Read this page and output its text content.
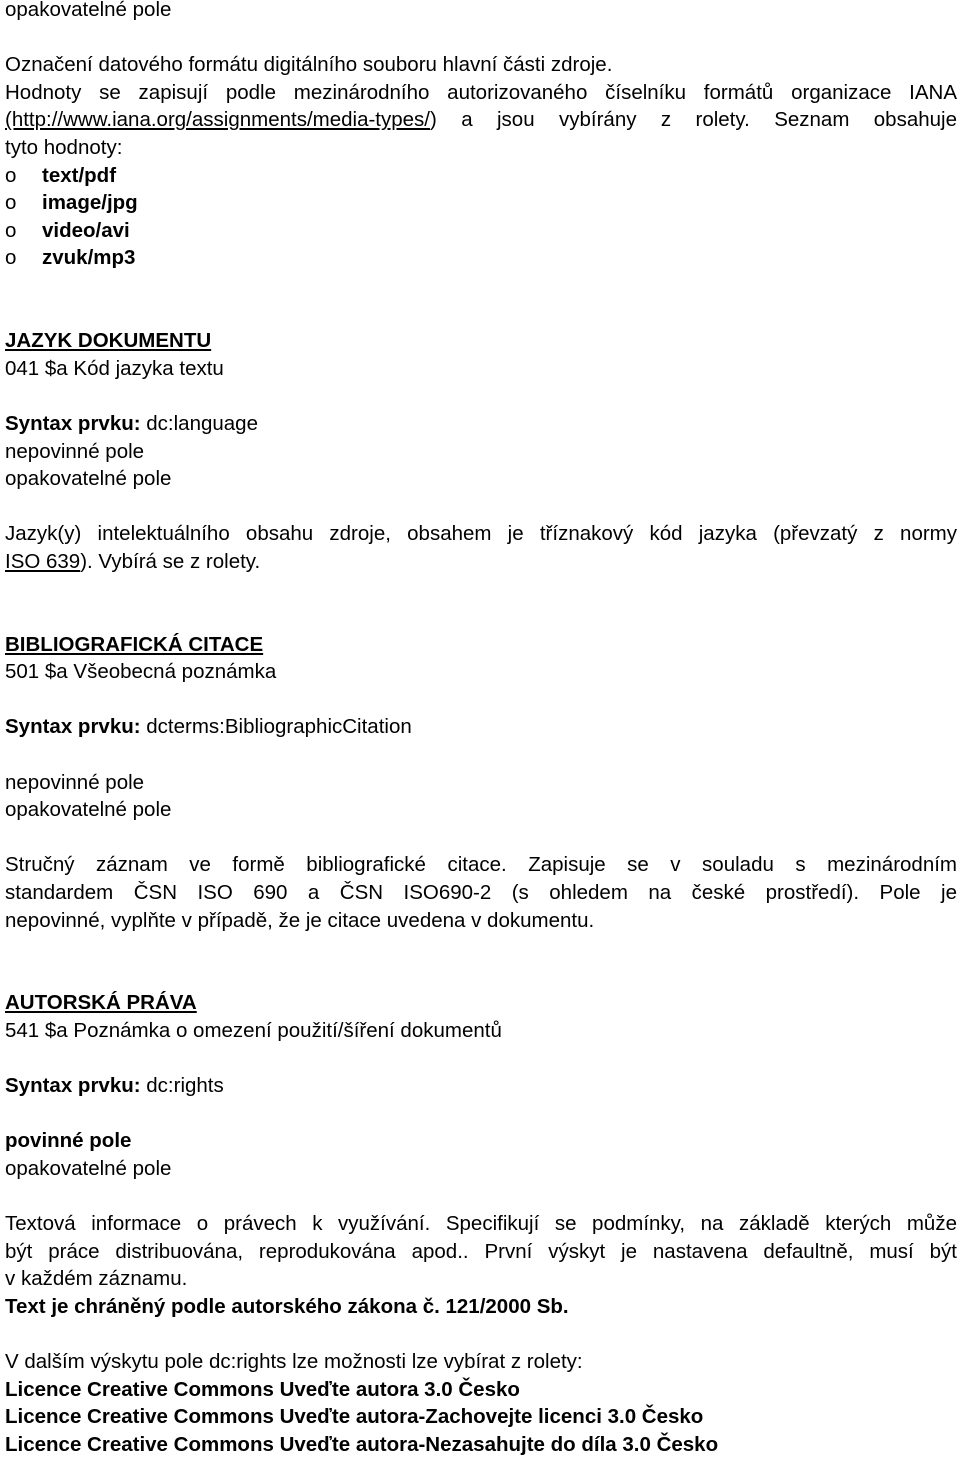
opakovatelné pole
Označení datového formátu digitálního souboru hlavní části zdroje.
Hodnoty se zapisují podle mezinárodního autorizovaného číselníku formátů organizace IANA
(http://www.iana.org/assignments/media-types/) a jsou vybírány z rolety. Seznam obsahuje
tyto hodnoty:
o	text/pdf
o	image/jpg
o	video/avi
o	zvuk/mp3
JAZYK DOKUMENTU
041 $a Kód jazyka textu
Syntax prvku: dc:language
nepovinné pole
opakovatelné pole
Jazyk(y) intelektuálního obsahu zdroje, obsahem je tříznakový kód jazyka (převzatý z normy
ISO 639). Vybírá se z rolety.
BIBLIOGRAFICKÁ CITACE
501 $a Všeobecná poznámka
Syntax prvku: dcterms:BibliographicCitation
nepovinné pole
opakovatelné pole
Stručný záznam ve formě bibliografické citace. Zapisuje se v souladu s mezinárodním
standardem ČSN ISO 690 a ČSN ISO690-2 (s ohledem na české prostředí). Pole je
nepovinné, vyplňte v případě, že je citace uvedena v dokumentu.
AUTORSKÁ PRÁVA
541 $a Poznámka o omezení použití/šíření dokumentů
Syntax prvku: dc:rights
povinné pole
opakovatelné pole
Textová informace o právech k využívání. Specifikují se podmínky, na základě kterých může
být práce distribuována, reprodukována apod.. První výskyt je nastavena defaultně, musí být
v každém záznamu.
Text je chráněný podle autorského zákona č. 121/2000 Sb.
V dalším výskytu pole dc:rights lze možnosti lze vybírat z rolety:
Licence Creative Commons Uveďte autora 3.0 Česko
Licence Creative Commons Uveďte autora-Zachovejte licenci 3.0 Česko
Licence Creative Commons Uveďte autora-Nezasahujte do díla 3.0 Česko
